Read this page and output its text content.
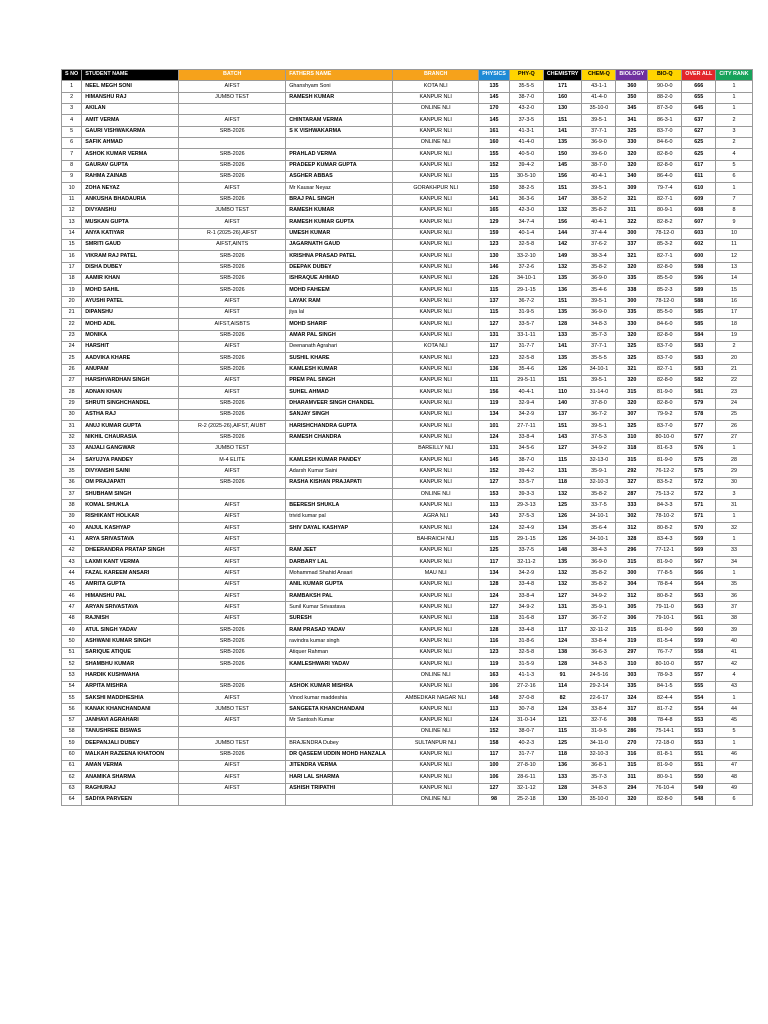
S NO	STUDENT NAME	BATCH	FATHERS NAME	BRANCH	PHYSICS	PHY-Q	CHEMISTRY	CHEM-Q	BIOLOGY	BIO-Q	OVER ALL	CITY RANK
1	NEEL MEGH SONI	AIFST	Ghanshyam Soni	KOTA NLI	135	35-5-5	171	43-1-1	360	90-0-0	666	1
2	HIMANSHU RAJ	JUMBO TEST	RAMESH KUMAR	KANPUR NLI	145	38-7-0	160	41-4-0	350	88-2-0	655	1
3	AKILAN			ONLINE NLI	170	43-2-0	130	35-10-0	345	87-3-0	645	1
4	AMIT VERMA	AIFST	CHINTARAM VERMA	KANPUR NLI	145	37-3-5	151	39-5-1	341	86-3-1	637	2
5	GAURI VISHWAKARMA	SRB-2026	S K VISHWAKARMA	KANPUR NLI	161	41-3-1	141	37-7-1	325	83-7-0	627	3
6	SAFIK AHMAD			ONLINE NLI	160	41-4-0	135	36-9-0	330	84-6-0	625	2
7	ASHOK KUMAR VERMA	SRB-2026	PRAHLAD VERMA	KANPUR NLI	155	40-5-0	150	39-6-0	320	82-8-0	625	4
8	GAURAV GUPTA	SRB-2026	PRADEEP KUMAR GUPTA	KANPUR NLI	152	39-4-2	145	38-7-0	320	82-8-0	617	5
9	RAHMA ZAINAB	SRB-2026	ASGHER ABBAS	KANPUR NLI	115	30-5-10	156	40-4-1	340	86-4-0	611	6
10	ZOHA NEYAZ	AIFST	Mr Kausar Neyaz	GORAKHPUR NLI	150	38-2-5	151	39-5-1	309	79-7-4	610	1
11	ANKUSHA BHADAURIA	SRB-2026	BRAJ PAL SINGH	KANPUR NLI	141	36-3-6	147	38-5-2	321	82-7-1	609	7
12	DIVYANSHU	JUMBO TEST	RAMESH KUMAR	KANPUR NLI	165	42-3-0	132	35-8-2	311	80-9-1	608	8
13	MUSKAN GUPTA	AIFST	RAMESH KUMAR GUPTA	KANPUR NLI	129	34-7-4	156	40-4-1	322	82-8-2	607	9
14	ANYA KATIYAR	R-1 (2025-26),AIFST	UMESH KUMAR	KANPUR NLI	159	40-1-4	144	37-4-4	300	78-12-0	603	10
15	SMRITI GAUD	AIFST,AINTS	JAGARNATH GAUD	KANPUR NLI	123	32-5-8	142	37-6-2	337	85-3-2	602	11
16	VIKRAM RAJ PATEL	SRB-2026	KRISHNA PRASAD PATEL	KANPUR NLI	130	33-2-10	149	38-3-4	321	82-7-1	600	12
17	DISHA DUBEY	SRB-2026	DEEPAK DUBEY	KANPUR NLI	146	37-2-6	132	35-8-2	320	82-8-0	598	13
18	AAMIR KHAN	SRB-2026	ISHRAQUE AHMAD	KANPUR NLI	126	34-10-1	135	36-9-0	335	85-5-0	596	14
19	MOHD SAHIL	SRB-2026	MOHD FAHEEM	KANPUR NLI	115	29-1-15	136	35-4-6	338	85-2-3	589	15
20	AYUSHI PATEL	AIFST	LAYAK RAM	KANPUR NLI	137	36-7-2	151	39-5-1	300	78-12-0	588	16
21	DIPANSHU	AIFST	jiya lal	KANPUR NLI	115	31-9-5	135	36-9-0	335	85-5-0	585	17
22	MOHD ADIL	AIFST,AISBTS	MOHD SHARIF	KANPUR NLI	127	33-5-7	128	34-8-3	330	84-6-0	585	18
23	MONIKA	SRB-2026	AMAR PAL SINGH	KANPUR NLI	131	33-1-11	133	35-7-3	320	82-8-0	584	19
24	HARSHIT	AIFST	Deenanath Agrahari	KOTA NLI	117	31-7-7	141	37-7-1	325	83-7-0	583	2
25	AADVIKA KHARE	SRB-2026	SUSHIL KHARE	KANPUR NLI	123	32-5-8	135	35-5-5	325	83-7-0	583	20
26	ANUPAM	SRB-2026	KAMLESH KUMAR	KANPUR NLI	136	35-4-6	126	34-10-1	321	82-7-1	583	21
27	HARSHVARDHAN SINGH	AIFST	PREM PAL SINGH	KANPUR NLI	111	29-5-11	151	39-5-1	320	82-8-0	582	22
28	ADNAN KHAN	AIFST	SUHEL AHMAD	KANPUR NLI	156	40-4-1	110	31-14-0	315	81-9-0	581	23
29	SHRUTI SINGHCHANDEL	SRB-2026	DHARAMVEER SINGH CHANDEL	KANPUR NLI	119	32-9-4	140	37-8-0	320	82-8-0	579	24
30	ASTHA RAJ	SRB-2026	SANJAY SINGH	KANPUR NLI	134	34-2-9	137	36-7-2	307	79-9-2	578	25
31	ANUJ KUMAR GUPTA	R-2 (2025-26),AIFST, AIUBT	HARISHCHANDRA GUPTA	KANPUR NLI	101	27-7-11	151	39-5-1	325	83-7-0	577	26
32	NIKHIL CHAURASIA	SRB-2026	RAMESH CHANDRA	KANPUR NLI	124	33-8-4	143	37-5-3	310	80-10-0	577	27
33	ANJALI GANGWAR	JUMBO TEST		BAREILLY NLI	131	34-5-6	127	34-9-2	318	81-6-3	576	1
34	SAYUJYA PANDEY	M-4 ELITE	KAMLESH KUMAR PANDEY	KANPUR NLI	145	38-7-0	115	32-13-0	315	81-9-0	575	28
35	DIVYANSHI SAINI	AIFST	Adarsh Kumar Saini	KANPUR NLI	152	39-4-2	131	35-9-1	292	76-12-2	575	29
36	OM PRAJAPATI	SRB-2026	RASHA KISHAN PRAJAPATI	KANPUR NLI	127	33-5-7	118	32-10-3	327	83-5-2	572	30
37	SHUBHAM SINGH			ONLINE NLI	153	39-3-3	132	35-8-2	287	75-13-2	572	3
38	KOMAL SHUKLA	AIFST	BEERESH SHUKLA	KANPUR NLI	113	29-3-13	125	33-7-5	333	84-3-3	571	31
39	RISHIKANT HOLKAR	AIFST	trivid kumar pal	AGRA NLI	143	37-5-3	126	34-10-1	302	78-10-2	571	1
40	ANJUL KASHYAP	AIFST	SHIV DAYAL KASHYAP	KANPUR NLI	124	32-4-9	134	35-6-4	312	80-8-2	570	32
41	ARYA SRIVASTAVA	AIFST		BAHRAICH NLI	115	29-1-15	126	34-10-1	328	83-4-3	569	1
42	DHEERANDRA PRATAP SINGH	AIFST	RAM JEET	KANPUR NLI	125	33-7-5	148	38-4-3	296	77-12-1	569	33
43	LAXMI KANT VERMA	AIFST	DARBARY LAL	KANPUR NLI	117	32-11-2	135	36-9-0	315	81-9-0	567	34
44	FAZAL KAREEM ANSARI	AIFST	Mohammad Shahid Ansari	MAU NLI	134	34-2-9	132	35-8-2	300	77-8-5	566	1
45	AMRITA GUPTA	AIFST	ANIL KUMAR GUPTA	KANPUR NLI	128	33-4-8	132	35-8-2	304	78-8-4	564	35
46	HIMANSHU PAL	AIFST	RAMBAKSH PAL	KANPUR NLI	124	33-8-4	127	34-9-2	312	80-8-2	563	36
47	ARYAN SRIVASTAVA	AIFST	Sunil Kumar Srivastava	KANPUR NLI	127	34-9-2	131	35-9-1	305	79-11-0	563	37
48	RAJNISH	AIFST	SURESH	KANPUR NLI	118	31-6-8	137	36-7-2	306	79-10-1	561	38
49	ATUL SINGH YADAV	SRB-2026	RAM PRASAD YADAV	KANPUR NLI	128	33-4-8	117	32-11-2	315	81-9-0	560	39
50	ASHWANI KUMAR SINGH	SRB-2026	ravindra kumar singh	KANPUR NLI	116	31-8-6	124	33-8-4	319	81-5-4	559	40
51	SARIQUE ATIQUE	SRB-2026	Atiquer Rahman	KANPUR NLI	123	32-5-8	138	36-6-3	297	76-7-7	558	41
52	SHAMBHU KUMAR	SRB-2026	KAMLESHWARI YADAV	KANPUR NLI	119	31-5-9	128	34-8-3	310	80-10-0	557	42
53	HARDIK KUSHWAHA			ONLINE NLI	163	41-1-3	91	24-5-16	303	78-9-3	557	4
54	ARPITA MISHRA	SRB-2026	ASHOK KUMAR MISHRA	KANPUR NLI	106	27-2-16	114	29-2-14	335	84-1-5	555	43
55	SAKSHI MADDHESHIA	AIFST	Vinod kumar maddeshia	AMBEDKAR NAGAR NLI	148	37-0-8	82	22-6-17	324	82-4-4	554	1
56	KANAK KHANCHANDANI	JUMBO TEST	SANGEETA KHANCHANDANI	KANPUR NLI	113	30-7-8	124	33-8-4	317	81-7-2	554	44
57	JANHAVI AGRAHARI	AIFST	Mr Santosh Kumar	KANPUR NLI	124	31-0-14	121	32-7-6	308	78-4-8	553	45
58	TANUSHREE BISWAS			ONLINE NLI	152	38-0-7	115	31-9-5	286	75-14-1	553	5
59	DEEPANJALI DUBEY	JUMBO TEST	BRAJENDRA Dubey	SULTANPUR NLI	158	40-2-3	125	34-11-0	270	72-18-0	553	1
60	MALKAH RAZEENA KHATOON	SRB-2026	DR QASEEM UDDIN MOHD HANZALA	KANPUR NLI	117	31-7-7	118	32-10-3	316	81-8-1	551	46
61	AMAN VERMA	AIFST	JITENDRA VERMA	KANPUR NLI	100	27-8-10	136	36-8-1	315	81-9-0	551	47
62	ANAMIKA SHARMA	AIFST	HARI LAL SHARMA	KANPUR NLI	106	28-6-11	133	35-7-3	311	80-9-1	550	48
63	RAGHURAJ	AIFST	ASHISH TRIPATHI	KANPUR NLI	127	32-1-12	128	34-8-3	294	76-10-4	549	49
64	SADIYA PARVEEN			ONLINE NLI	98	25-2-18	130	35-10-0	320	82-8-0	548	6
